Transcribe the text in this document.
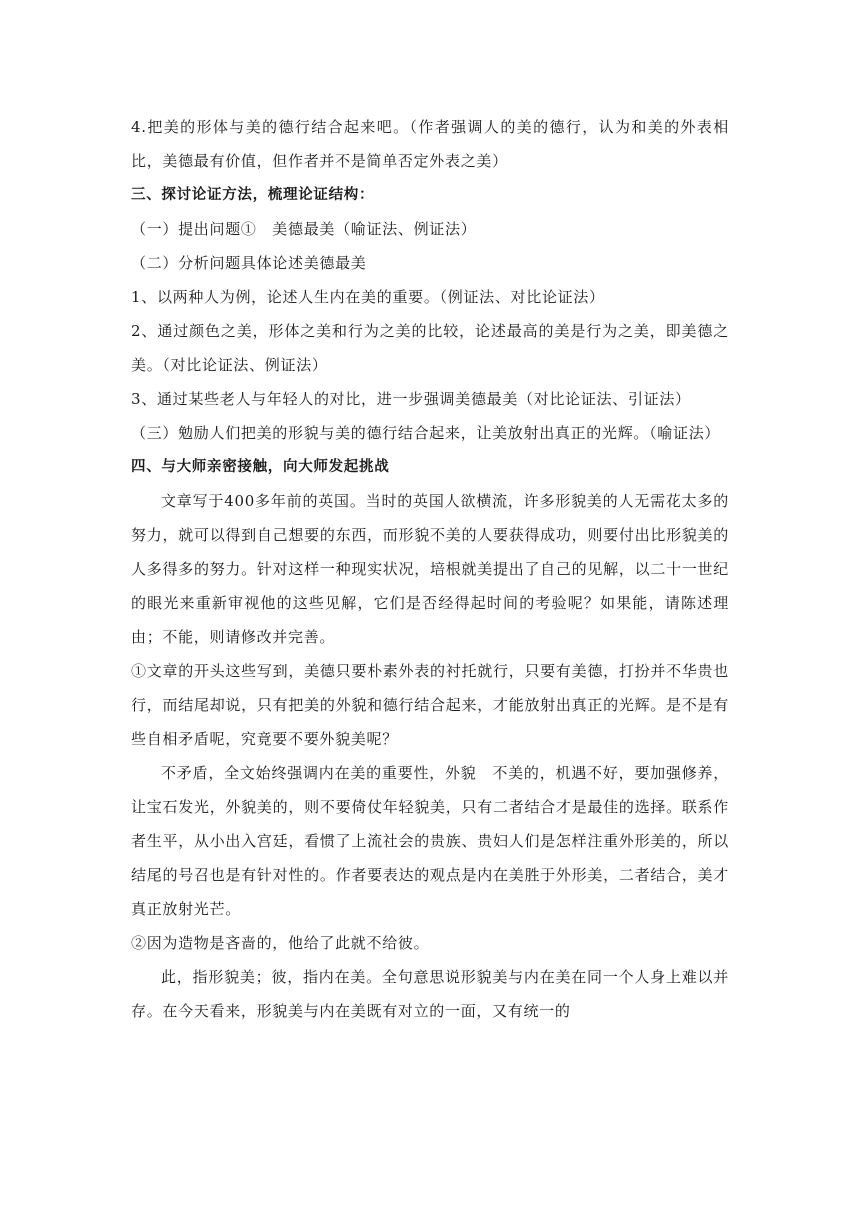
4.把美的形体与美的德行结合起来吧。（作者强调人的美的德行，认为和美的外表相比，美德最有价值，但作者并不是简单否定外表之美）

三、探讨论证方法，梳理论证结构：

（一）提出问题①　美德最美（喻证法、例证法）

（二）分析问题具体论述美德最美

1、以两种人为例，论述人生内在美的重要。（例证法、对比论证法）

2、通过颜色之美，形体之美和行为之美的比较，论述最高的美是行为之美，即美德之美。（对比论证法、例证法）

3、通过某些老人与年轻人的对比，进一步强调美德最美（对比论证法、引证法）

（三）勉励人们把美的形貌与美的德行结合起来，让美放射出真正的光辉。（喻证法）

四、与大师亲密接触，向大师发起挑战

文章写于400多年前的英国。当时的英国人欲横流，许多形貌美的人无需花太多的努力，就可以得到自己想要的东西，而形貌不美的人要获得成功，则要付出比形貌美的人多得多的努力。针对这样一种现实状况，培根就美提出了自己的见解，以二十一世纪的眼光来重新审视他的这些见解，它们是否经得起时间的考验呢？如果能，请陈述理由；不能，则请修改并完善。

①文章的开头这些写到，美德只要朴素外表的衬托就行，只要有美德，打扮并不华贵也行，而结尾却说，只有把美的外貌和德行结合起来，才能放射出真正的光辉。是不是有些自相矛盾呢，究竟要不要外貌美呢？

不矛盾，全文始终强调内在美的重要性，外貌　不美的，机遇不好，要加强修养，让宝石发光，外貌美的，则不要倚仗年轻貌美，只有二者结合才是最佳的选择。联系作者生平，从小出入宫廷，看惯了上流社会的贵族、贵妇人们是怎样注重外形美的，所以结尾的号召也是有针对性的。作者要表达的观点是内在美胜于外形美，二者结合，美才真正放射光芒。

②因为造物是吝啬的，他给了此就不给彼。

此，指形貌美；彼，指内在美。全句意思说形貌美与内在美在同一个人身上难以并存。在今天看来，形貌美与内在美既有对立的一面，又有统一的
